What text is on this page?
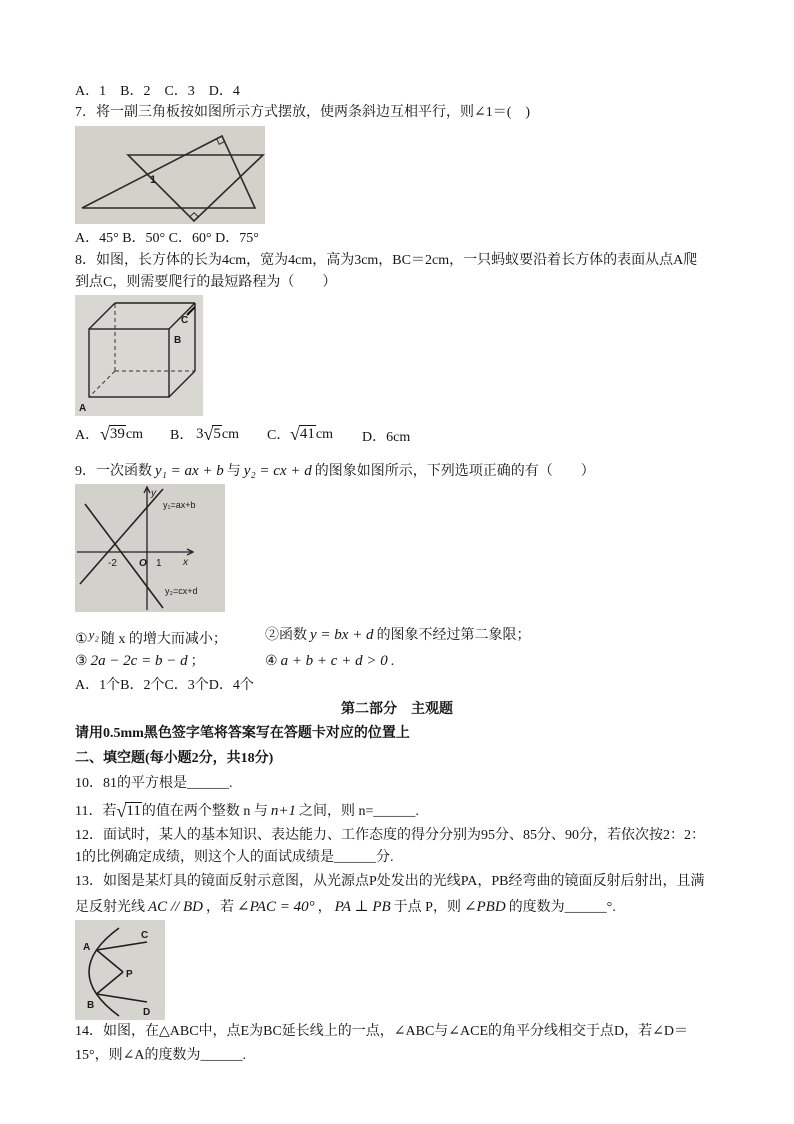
A．1　B．2　C．3　D．4
7．将一副三角板按如图所示方式摆放，使两条斜边互相平行，则∠1＝(　)
1
A．45° B．50° C．60° D．75°
8．如图，长方体的长为4cm，宽为4cm，高为3cm，BC＝2cm，一只蚂蚁要沿着长方体的表面从点A爬
到点C，则需要爬行的最短路程为（　　）
C
B
A
A． √39cm B． 3√5cm C． √41cm D．6cm
9．一次函数 y₁ = ax + b 与 y₂ = cx + d 的图象如图所示，下列选项正确的有（　　）
y
x
-2 O 1
y₁=ax+b
y₂=cx+d
①y₂ 随 x 的增大而减小；	②函数 y = bx + d 的图象不经过第二象限；
③ 2a − 2c = b − d ；	④ a + b + c + d > 0 .
A．1个B．2个C．3个D．4个
第二部分　主观题
请用0.5mm黑色签字笔将答案写在答题卡对应的位置上
二、填空题(每小题2分，共18分)
10．81的平方根是______.
11．若√11的值在两个整数 n 与 n+1 之间，则 n=______.
12．面试时，某人的基本知识、表达能力、工作态度的得分分别为95分、85分、90分，若依次按2：2：
1的比例确定成绩，则这个人的面试成绩是______分.
13．如图是某灯具的镜面反射示意图，从光源点P处发出的光线PA，PB经弯曲的镜面反射后射出，且满
足反射光线 AC // BD ，若 ∠PAC = 40° ， PA ⊥ PB 于点 P，则 ∠PBD 的度数为______°.
A
C
P
B
D
14．如图，在△ABC中，点E为BC延长线上的一点，∠ABC与∠ACE的角平分线相交于点D，若∠D＝
15°，则∠A的度数为______.
